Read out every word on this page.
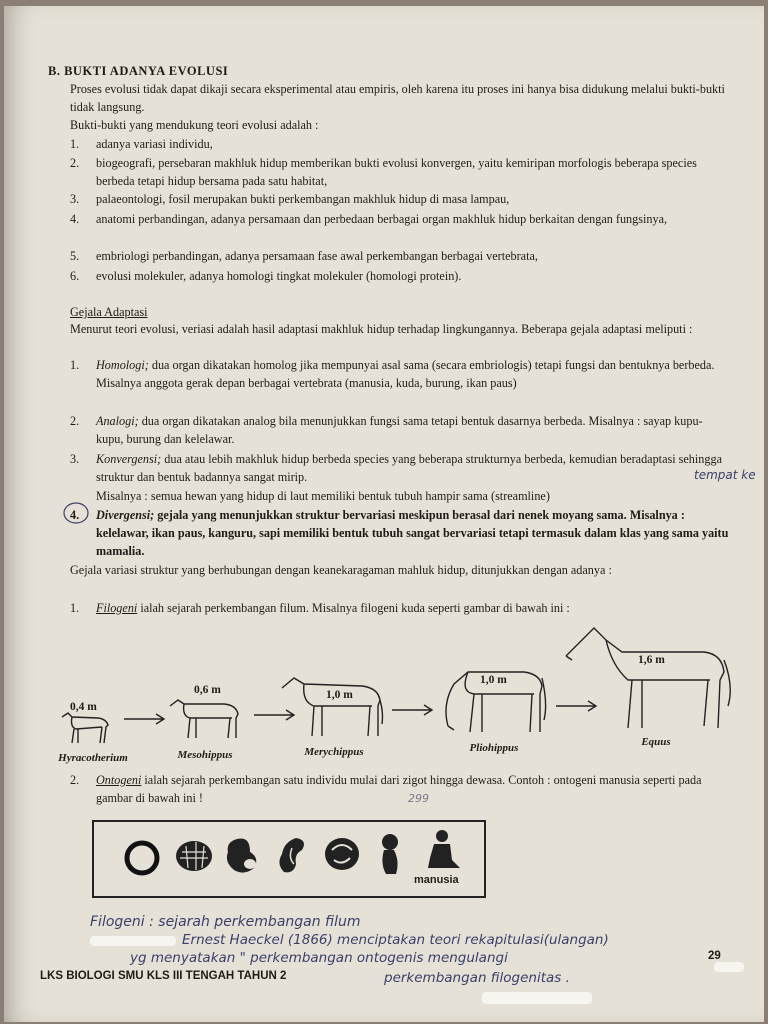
B. BUKTI ADANYA EVOLUSI
Proses evolusi tidak dapat dikaji secara eksperimental atau empiris, oleh karena itu proses ini hanya bisa didukung melalui bukti-bukti tidak langsung.
Bukti-bukti yang mendukung teori evolusi adalah :
1.	adanya variasi individu,
2.	biogeografi, persebaran makhluk hidup memberikan bukti evolusi konvergen, yaitu kemiripan morfologis beberapa species berbeda tetapi hidup bersama pada satu habitat,
3.	palaeontologi, fosil merupakan bukti perkembangan makhluk hidup di masa lampau,
4.	anatomi perbandingan, adanya persamaan dan perbedaan berbagai organ makhluk hidup berkaitan dengan fungsinya,
5.	embriologi perbandingan, adanya persamaan fase awal perkembangan berbagai vertebrata,
6.	evolusi molekuler, adanya homologi tingkat molekuler (homologi protein).
Gejala Adaptasi
Menurut teori evolusi, veriasi adalah hasil adaptasi makhluk hidup terhadap lingkungannya. Beberapa gejala adaptasi meliputi :
1.	Homologi; dua organ dikatakan homolog jika mempunyai asal sama (secara embriologis) tetapi fungsi dan bentuknya berbeda. Misalnya anggota gerak depan berbagai vertebrata (manusia, kuda, burung, ikan paus)
2.	Analogi; dua organ dikatakan analog bila menunjukkan fungsi sama tetapi bentuk dasarnya berbeda. Misalnya : sayap kupu-kupu, burung dan kelelawar.
3.	Konvergensi; dua atau lebih makhluk hidup berbeda species yang beberapa strukturnya berbeda, kemudian beradaptasi sehingga struktur dan bentuk badannya sangat mirip.
Misalnya : semua hewan yang hidup di laut memiliki bentuk tubuh hampir sama (streamline)
4.	Divergensi; gejala yang menunjukkan struktur bervariasi meskipun berasal dari nenek moyang sama. Misalnya : kelelawar, ikan paus, kanguru, sapi memiliki bentuk tubuh sangat bervariasi tetapi termasuk dalam klas yang sama yaitu mamalia.
tempat ke
Gejala variasi struktur yang berhubungan dengan keanekaragaman mahluk hidup, ditunjukkan dengan adanya :
1.	Filogeni ialah sejarah perkembangan filum. Misalnya filogeni kuda seperti gambar di bawah ini :
0,4 m
0,6 m	1,0 m
1,0 m
1,6 m
Hyracotherium	Mesohippus	Merychippus	Pliohippus	Equus
2.	Ontogeni ialah sejarah perkembangan satu individu mulai dari zigot hingga dewasa. Contoh : ontogeni manusia seperti pada gambar di bawah ini !	299
manusia
Filogeni : sejarah perkembangan filum
Ernest Haeckel (1866) menciptakan teori rekapitulasi(ulangan)
yg menyatakan " perkembangan ontogenis mengulangi
perkembangan filogenitas .
LKS BIOLOGI SMU KLS III TENGAH TAHUN 2
29
